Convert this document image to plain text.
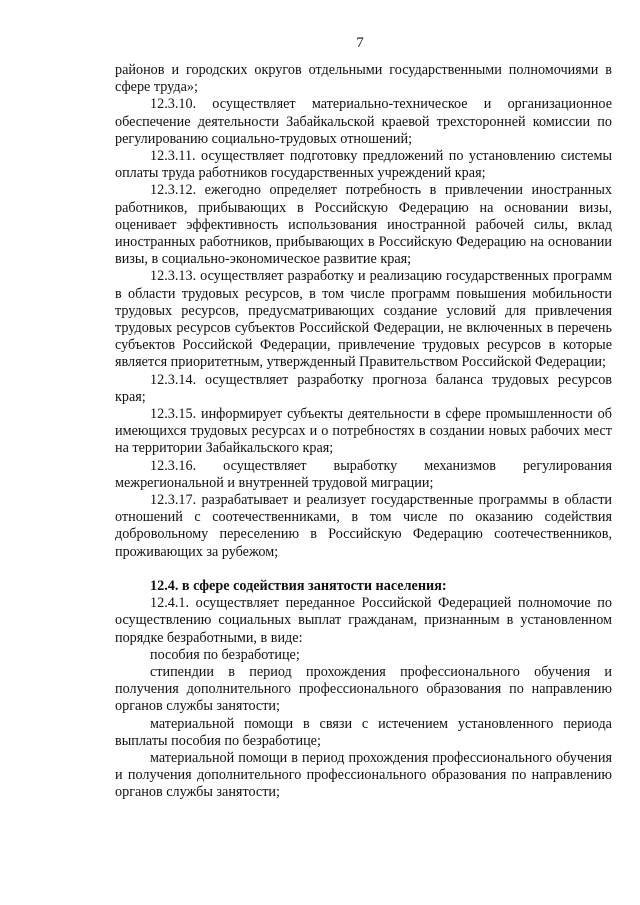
7

районов и городских округов отдельными государственными полномочиями в сфере труда»;

12.3.10. осуществляет материально-техническое и организационное обеспечение деятельности Забайкальской краевой трехсторонней комиссии по регулированию социально-трудовых отношений;

12.3.11. осуществляет подготовку предложений по установлению системы оплаты труда работников государственных учреждений края;

12.3.12. ежегодно определяет потребность в привлечении иностранных работников, прибывающих в Российскую Федерацию на основании визы, оценивает эффективность использования иностранной рабочей силы, вклад иностранных работников, прибывающих в Российскую Федерацию на основании визы, в социально-экономическое развитие края;

12.3.13. осуществляет разработку и реализацию государственных программ в области трудовых ресурсов, в том числе программ повышения мобильности трудовых ресурсов, предусматривающих создание условий для привлечения трудовых ресурсов субъектов Российской Федерации, не включенных в перечень субъектов Российской Федерации, привлечение трудовых ресурсов в которые является приоритетным, утвержденный Правительством Российской Федерации;

12.3.14. осуществляет разработку прогноза баланса трудовых ресурсов края;

12.3.15. информирует субъекты деятельности в сфере промышленности об имеющихся трудовых ресурсах и о потребностях в создании новых рабочих мест на территории Забайкальского края;

12.3.16. осуществляет выработку механизмов регулирования межрегиональной и внутренней трудовой миграции;

12.3.17. разрабатывает и реализует государственные программы в области отношений с соотечественниками, в том числе по оказанию содействия добровольному переселению в Российскую Федерацию соотечественников, проживающих за рубежом;

12.4. в сфере содействия занятости населения:

12.4.1. осуществляет переданное Российской Федерацией полномочие по осуществлению социальных выплат гражданам, признанным в установленном порядке безработными, в виде:

пособия по безработице;

стипендии в период прохождения профессионального обучения и получения дополнительного профессионального образования по направлению органов службы занятости;

материальной помощи в связи с истечением установленного периода выплаты пособия по безработице;

материальной помощи в период прохождения профессионального обучения и получения дополнительного профессионального образования по направлению органов службы занятости;
